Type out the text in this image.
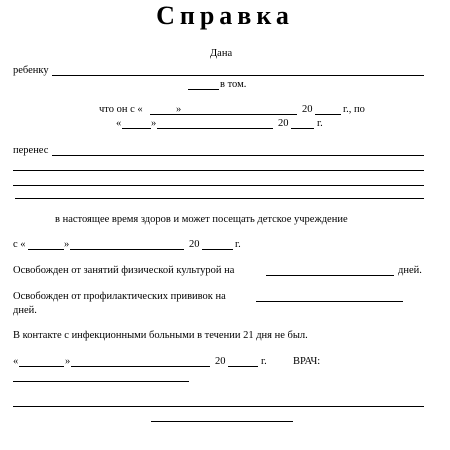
Справка
Дана
ребенку
в том.
что он с «	»	20	г., по
«	»	20	г.
перенес
в настоящее время здоров и может посещать детское учреждение
с «	»	20	г.
Освобожден от занятий физической культурой на	дней.
Освобожден от профилактических прививок на
дней.
В контакте с инфекционными больными в течении 21 дня не был.
«	»	20	г.	ВРАЧ:
